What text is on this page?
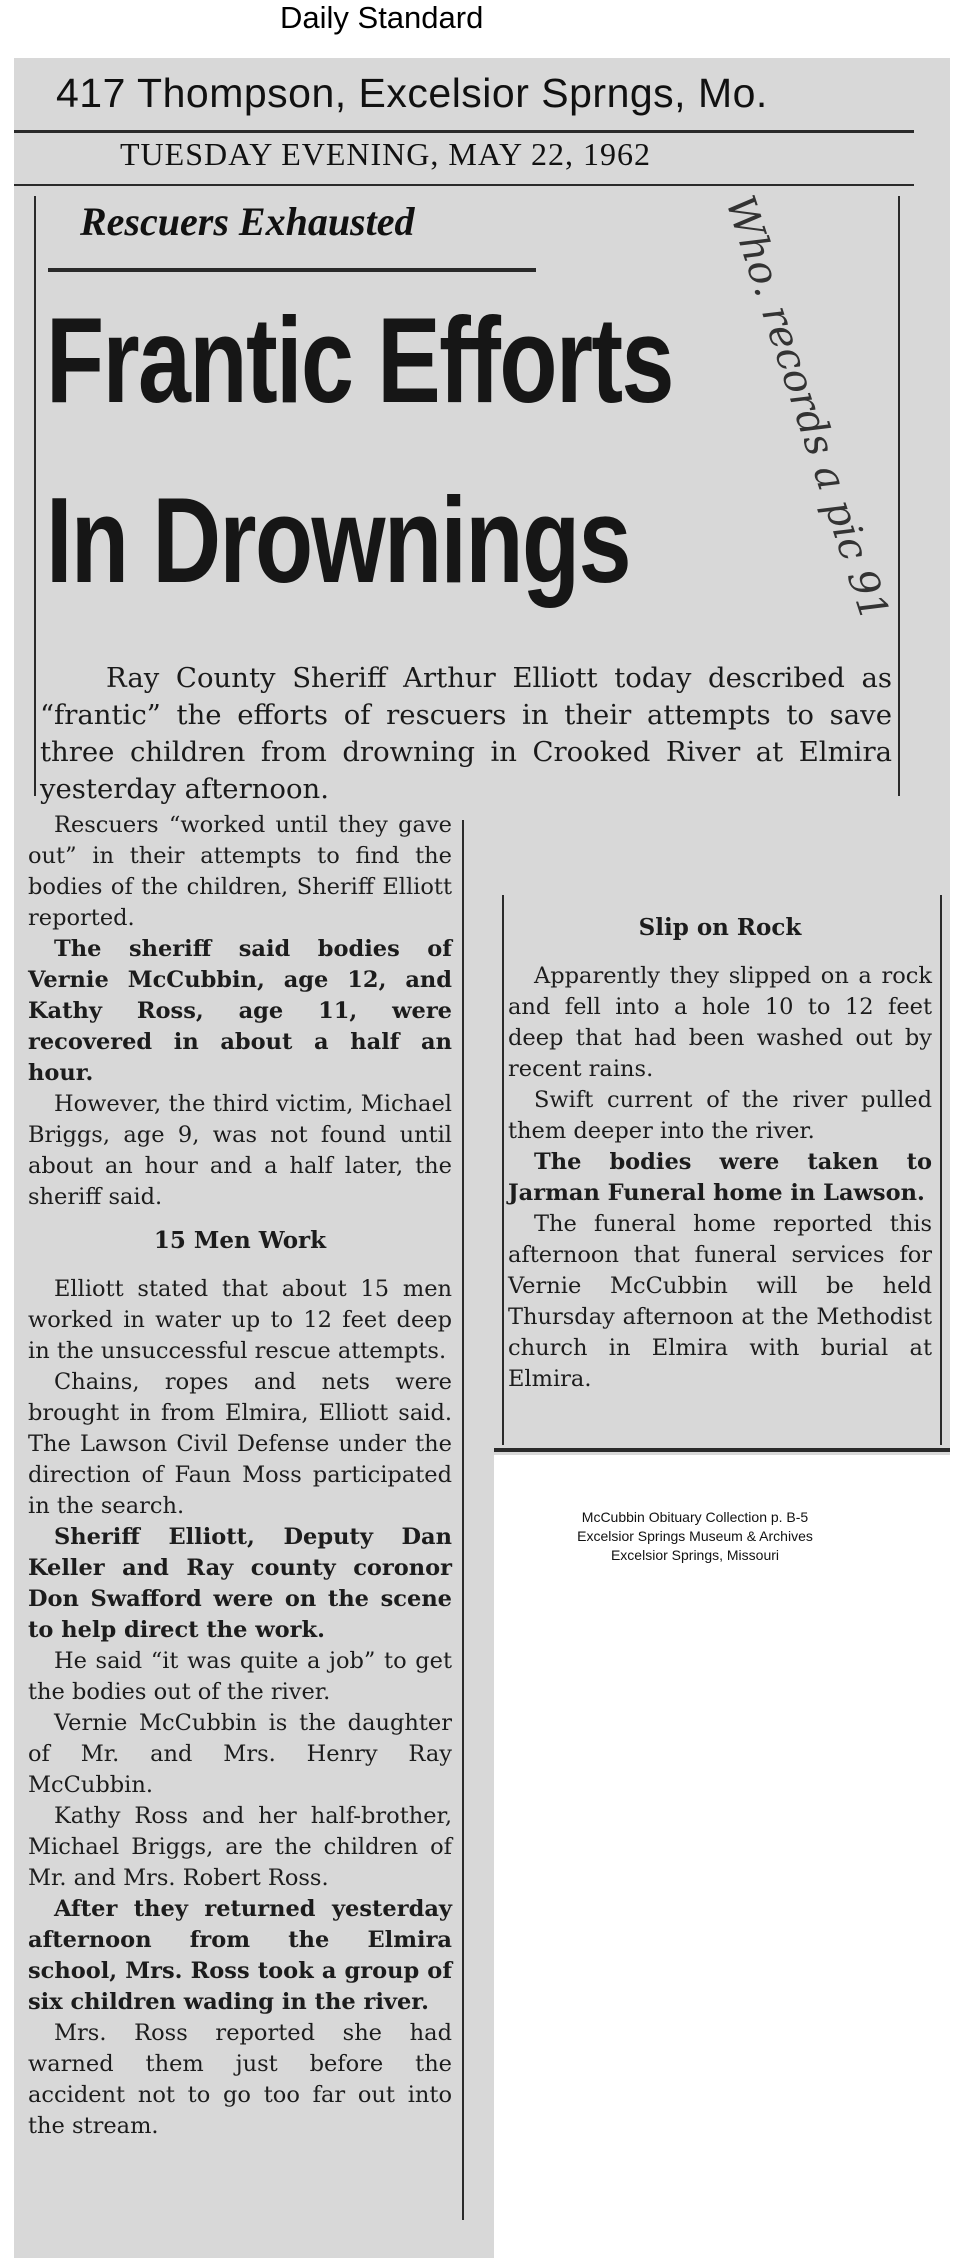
Daily Standard
417 Thompson, Excelsior Sprngs, Mo.
TUESDAY EVENING, MAY 22, 1962
Rescuers Exhausted
Frantic Efforts
In Drownings Who. records a pic 91

Ray County Sheriff Arthur Elliott today described as “frantic” the efforts of rescuers in their attempts to save three children from drowning in Crooked River at Elmira yesterday afternoon.

Rescuers “worked until they gave out” in their attempts to find the bodies of the children, Sheriff Elliott reported.

The sheriff said bodies of Vernie McCubbin, age 12, and Kathy Ross, age 11, were recovered in about a half an hour.

However, the third victim, Michael Briggs, age 9, was not found until about an hour and a half later, the sheriff said.

15 Men Work

Elliott stated that about 15 men worked in water up to 12 feet deep in the unsuccessful rescue attempts.

Chains, ropes and nets were brought in from Elmira, Elliott said. The Lawson Civil Defense under the direction of Faun Moss participated in the search.

Sheriff Elliott, Deputy Dan Keller and Ray county coronor Don Swafford were on the scene to help direct the work.

He said “it was quite a job” to get the bodies out of the river.

Vernie McCubbin is the daughter of Mr. and Mrs. Henry Ray McCubbin.

Kathy Ross and her half-brother, Michael Briggs, are the children of Mr. and Mrs. Robert Ross.

After they returned yesterday afternoon from the Elmira school, Mrs. Ross took a group of six children wading in the river.

Mrs. Ross reported she had warned them just before the accident not to go too far out into the stream.

Slip on Rock

Apparently they slipped on a rock and fell into a hole 10 to 12 feet deep that had been washed out by recent rains.

Swift current of the river pulled them deeper into the river.

The bodies were taken to Jarman Funeral home in Lawson.

The funeral home reported this afternoon that funeral services for Vernie McCubbin will be held Thursday afternoon at the Methodist church in Elmira with burial at Elmira.

McCubbin Obituary Collection p. B-5
Excelsior Springs Museum & Archives
Excelsior Springs, Missouri
